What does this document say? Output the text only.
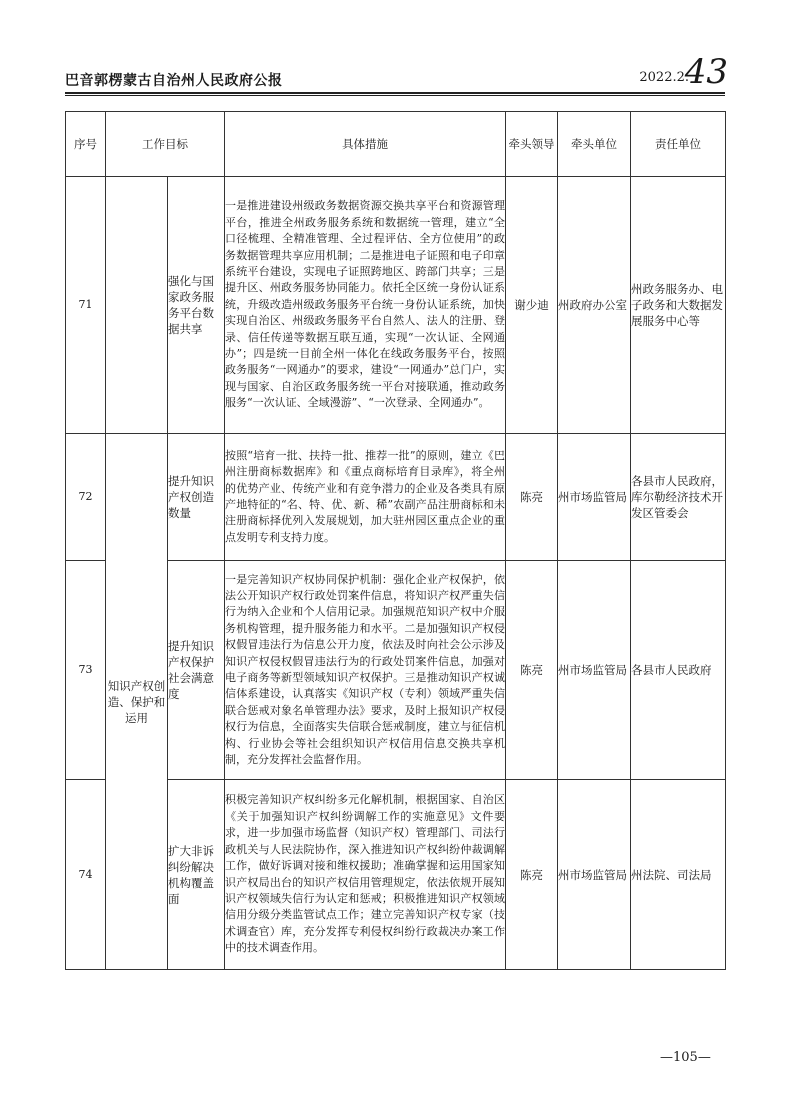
巴音郭楞蒙古自治州人民政府公报	2022.2.
43
序号	工作目标		具体措施	牵头领导	牵头单位	责任单位
71		强化与国家政务服务平台数据共享	一是推进建设州级政务数据资源交换共享平台和资源管理平台，推进全州政务服务系统和数据统一管理，建立“全口径梳理、全精准管理、全过程评估、全方位使用”的政务数据管理共享应用机制；二是推进电子证照和电子印章系统平台建设，实现电子证照跨地区、跨部门共享；三是提升区、州政务服务协同能力。依托全区统一身份认证系统，升级改造州级政务服务平台统一身份认证系统，加快实现自治区、州级政务服务平台自然人、法人的注册、登录、信任传递等数据互联互通，实现“一次认证、全网通办”；四是统一目前全州一体化在线政务服务平台，按照政务服务“一网通办”的要求，建设“一网通办”总门户，实现与国家、自治区政务服务统一平台对接联通，推动政务服务“一次认证、全域漫游”、“一次登录、全网通办”。	谢少迪	州政府办公室	州政务服务办、电子政务和大数据发展服务中心等
72	知识产权创造、保护和运用	提升知识产权创造数量	按照“培育一批、扶持一批、推荐一批”的原则，建立《巴州注册商标数据库》和《重点商标培育目录库》，将全州的优势产业、传统产业和有竞争潜力的企业及各类具有原产地特征的“名、特、优、新、稀”农副产品注册商标和未注册商标择优列入发展规划，加大驻州园区重点企业的重点发明专利支持力度。	陈亮	州市场监管局	各县市人民政府，库尔勒经济技术开发区管委会
73		提升知识产权保护社会满意度	一是完善知识产权协同保护机制：强化企业产权保护，依法公开知识产权行政处罚案件信息，将知识产权严重失信行为纳入企业和个人信用记录。加强规范知识产权中介服务机构管理，提升服务能力和水平。二是加强知识产权侵权假冒违法行为信息公开力度，依法及时向社会公示涉及知识产权侵权假冒违法行为的行政处罚案件信息，加强对电子商务等新型领域知识产权保护。三是推动知识产权诚信体系建设，认真落实《知识产权（专利）领域严重失信联合惩戒对象名单管理办法》要求，及时上报知识产权侵权行为信息，全面落实失信联合惩戒制度，建立与征信机构、行业协会等社会组织知识产权信用信息交换共享机制，充分发挥社会监督作用。	陈亮	州市场监管局	各县市人民政府
74		扩大非诉纠纷解决机构覆盖面	积极完善知识产权纠纷多元化解机制，根据国家、自治区《关于加强知识产权纠纷调解工作的实施意见》文件要求，进一步加强市场监督（知识产权）管理部门、司法行政机关与人民法院协作，深入推进知识产权纠纷仲裁调解工作，做好诉调对接和维权援助；准确掌握和运用国家知识产权局出台的知识产权信用管理规定，依法依规开展知识产权领域失信行为认定和惩戒；积极推进知识产权领域信用分级分类监管试点工作；建立完善知识产权专家（技术调查官）库，充分发挥专利侵权纠纷行政裁决办案工作中的技术调查作用。	陈亮	州市场监管局	州法院、司法局
—105—
